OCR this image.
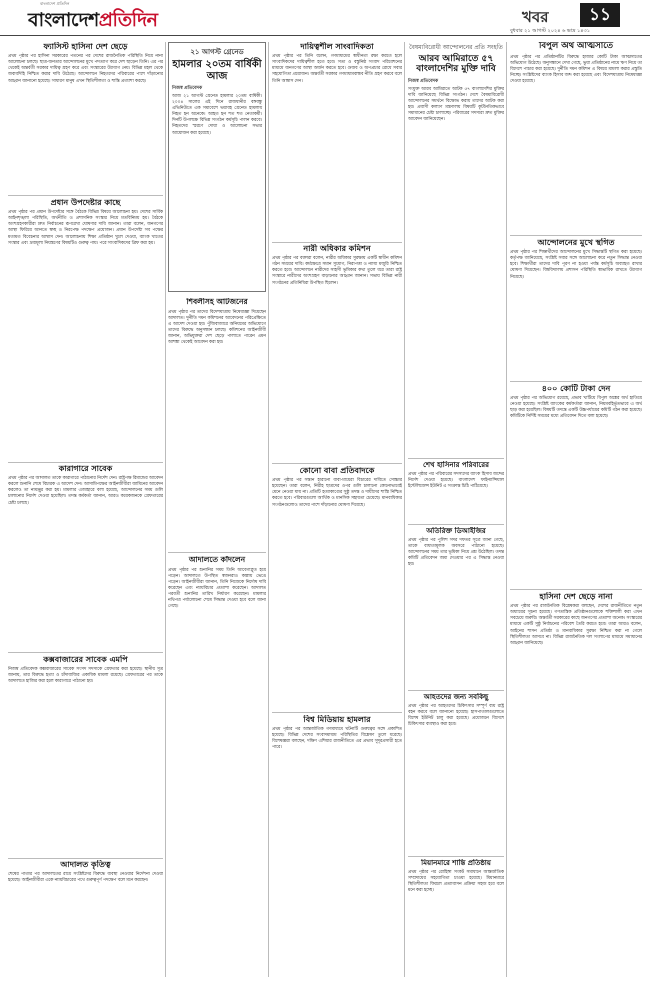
বাংলাদেশ প্রতিদিন
বাংলাদেশপ্রতিদিন	খবর	১১
বুধবার ২১ আগস্ট ২০২৪ ৬ ভাদ্র ১৪৩১
ফ্যাসিস্ট হাসিনা দেশ ছেড়ে
প্রথম পৃষ্ঠার পর হাসিনা সরকারের পতনের পর দেশের রাজনৈতিক পরিস্থিতি নিয়ে নানা আলোচনা চলছে। ছাত্র-জনতার আন্দোলনের মুখে পদত্যাগ করে দেশ ছাড়েন তিনি। এর পর থেকেই অন্তর্বর্তী সরকার দায়িত্ব গ্রহণ করে এবং সংস্কারের উদ্যোগ নেয়। বিভিন্ন মহল থেকে জবাবদিহি নিশ্চিত করার দাবি উঠেছে। আন্দোলনে নিহতদের পরিবারের পাশে দাঁড়ানোর আহ্বান জানানো হয়েছে। সাধারণ মানুষ এখন স্থিতিশীলতা ও শান্তি প্রত্যাশা করছে।
প্রধান উপদেষ্টার কাছে
প্রথম পৃষ্ঠার পর প্রধান উপদেষ্টার সঙ্গে বৈঠকে বিভিন্ন বিষয়ে আলোচনা হয়। দেশের সার্বিক আইনশৃঙ্খলা পরিস্থিতি, অর্থনীতি ও প্রশাসনিক সংস্কার নিয়ে মতবিনিময় হয়। বৈঠকে অংশগ্রহণকারীরা দ্রুত নির্বাচনের রূপরেখা ঘোষণার দাবি জানান। তারা বলেন, জনগণের আস্থা ফিরিয়ে আনতে স্বচ্ছ ও নিরপেক্ষ পদক্ষেপ প্রয়োজন। প্রধান উপদেষ্টা সব পক্ষের মতামত বিবেচনার আশ্বাস দেন। আলোচনায় শিক্ষা প্রতিষ্ঠান খুলে দেওয়া, ব্যাংক খাতের সংস্কার এবং দ্রব্যমূল্য নিয়ন্ত্রণের বিষয়টিও গুরুত্ব পায়। পরে সাংবাদিকদের ব্রিফ করা হয়।
কারাগারে সাবেক
প্রথম পৃষ্ঠার পর আদালত তাকে কারাগারে পাঠানোর নির্দেশ দেন। রাষ্ট্রপক্ষ রিমান্ডের আবেদন করলে শুনানি শেষে বিচারক এ আদেশ দেন। আসামিপক্ষের আইনজীবীরা জামিনের আবেদন করলেও তা নামঞ্জুর করা হয়। মামলার এজাহারে বলা হয়েছে, আন্দোলনের সময় গুলি চালানোর নির্দেশ দেওয়া হয়েছিল। তদন্ত কর্মকর্তা জানান, আরও কয়েকজনকে গ্রেফতারের চেষ্টা চলছে।
কক্সবাজারের সাবেক এমপি
নিজস্ব প্রতিবেদক কক্সবাজারের সাবেক সংসদ সদস্যকে গ্রেফতার করা হয়েছে। স্থানীয় সূত্র জানায়, তার বিরুদ্ধে হত্যা ও চাঁদাবাজির একাধিক মামলা রয়েছে। গ্রেফতারের পর তাকে আদালতে হাজির করা হলে কারাগারে পাঠানো হয়।
আদালত কৃতিত্ব
শেষের পাতার পর আদালতের রায়ে সংশ্লিষ্টদের বিরুদ্ধে ব্যবস্থা নেওয়ার নির্দেশনা দেওয়া হয়েছে। আইনজীবীরা একে ন্যায়বিচারের পথে গুরুত্বপূর্ণ পদক্ষেপ বলে মনে করছেন।
২১ আগস্ট গ্রেনেড
হামলার ২০তম বার্ষিকী আজ
নিজস্ব প্রতিবেদক
আজ ২১ আগস্ট গ্রেনেড হামলার ২০তম বার্ষিকী। ২০০৪ সালের এই দিনে রাজধানীর বঙ্গবন্ধু এভিনিউতে এক সমাবেশে ভয়াবহ গ্রেনেড হামলায় নিহত হন অনেকে। আহত হন শত শত নেতাকর্মী। দিনটি উপলক্ষে বিভিন্ন সংগঠন কর্মসূচি পালন করবে। নিহতদের স্মরণে দোয়া ও আলোচনা সভার আয়োজন করা হয়েছে।
শিবলীসহ আটজনের
প্রথম পৃষ্ঠার পর তাদের বিদেশযাত্রায় নিষেধাজ্ঞা দিয়েছেন আদালত। দুর্নীতি দমন কমিশনের আবেদনের পরিপ্রেক্ষিতে এ আদেশ দেওয়া হয়। পুঁজিবাজারে অনিয়মের অভিযোগে তাদের বিরুদ্ধে অনুসন্ধান চলছে। কমিশনের আইনজীবী জানান, অভিযুক্তরা দেশ ছেড়ে পালাতে পারেন এমন আশঙ্কা থেকেই আবেদন করা হয়।
আদালতে কাঁদলেন
প্রথম পৃষ্ঠার পর শুনানির সময় তিনি আবেগাপ্লুত হয়ে পড়েন। আদালতে উপস্থিত স্বজনরাও কান্নায় ভেঙে পড়েন। আইনজীবীরা জানান, তিনি নিজেকে নির্দোষ দাবি করেছেন এবং ন্যায়বিচার প্রত্যাশা করেছেন। আদালত পরবর্তী শুনানির তারিখ নির্ধারণ করেছেন। মামলার নথিপত্র পর্যালোচনা শেষে সিদ্ধান্ত দেওয়া হবে বলে জানা গেছে।
দায়িত্বশীল সাংবাদিকতা
প্রথম পৃষ্ঠার পর তিনি বলেন, গণমাধ্যমের স্বাধীনতা রক্ষা করতে হলে সাংবাদিকদের দায়িত্বশীল হতে হবে। সত্য ও বস্তুনিষ্ঠ সংবাদ পরিবেশনের মাধ্যমে জনগণের আস্থা অর্জন করতে হবে। গুজব ও অপপ্রচার রোধে সবার সহযোগিতা প্রয়োজন। অন্তর্বর্তী সরকার গণমাধ্যমবান্ধব নীতি গ্রহণ করবে বলে তিনি আশ্বাস দেন।
নারী অধিকার কমিশন
প্রথম পৃষ্ঠার পর বক্তারা বলেন, নারীর অধিকার সুরক্ষায় একটি স্বাধীন কমিশন গঠন সময়ের দাবি। কর্মক্ষেত্রে সমান সুযোগ, নিরাপত্তা ও ন্যায্য মজুরি নিশ্চিত করতে হবে। আন্দোলনে নারীদের সাহসী ভূমিকার কথা তুলে ধরে তারা রাষ্ট্র সংস্কারে নারীদের অংশগ্রহণ বাড়ানোর আহ্বান জানান। সভায় বিভিন্ন নারী সংগঠনের প্রতিনিধিরা উপস্থিত ছিলেন।
কোনো বাবা প্রতিবাদকে
প্রথম পৃষ্ঠার পর সন্তান হারানো বাবা-মায়েরা বিচারের দাবিতে সোচ্চার হয়েছেন। তারা বলেন, নিরীহ ছাত্রদের ওপর গুলি চালানো কোনোভাবেই মেনে নেওয়া যায় না। প্রতিটি হত্যাকাণ্ডের সুষ্ঠু তদন্ত ও দায়ীদের শাস্তি নিশ্চিত করতে হবে। পরিবারগুলো আর্থিক ও মানসিক সহায়তা চেয়েছে। মানবাধিকার সংগঠনগুলোও তাদের পাশে দাঁড়ানোর ঘোষণা দিয়েছে।
বিশ্ব মিডিয়ায় হামলার
প্রথম পৃষ্ঠার পর আন্তর্জাতিক গণমাধ্যমে ঘটনাটি গুরুত্বের সঙ্গে প্রকাশিত হয়েছে। বিভিন্ন দেশের সংবাদমাধ্যম পরিস্থিতির বিশ্লেষণ তুলে ধরেছে। বিশেষজ্ঞরা বলছেন, দক্ষিণ এশিয়ার রাজনীতিতে এর প্রভাব সুদূরপ্রসারী হতে পারে।
বৈষম্যবিরোধী আন্দোলনের প্রতি সংহতি
আরব আমিরাতে ৫৭ বাংলাদেশির মুক্তি দাবি
নিজস্ব প্রতিবেদক
সংযুক্ত আরব আমিরাতে আটক ৫৭ বাংলাদেশির মুক্তির দাবি জানিয়েছে বিভিন্ন সংগঠন। দেশে বৈষম্যবিরোধী আন্দোলনের সমর্থনে বিক্ষোভ করায় তাদের আটক করা হয়। প্রবাসী কল্যাণ মন্ত্রণালয় বিষয়টি কূটনৈতিকভাবে সমাধানের চেষ্টা চালাচ্ছে। পরিবারের সদস্যরা দ্রুত মুক্তির আবেদন জানিয়েছেন।
শেখ হাসিনার পরিবারের
প্রথম পৃষ্ঠার পর পরিবারের সদস্যদের ব্যাংক হিসাব জব্দের নির্দেশ দেওয়া হয়েছে। বাংলাদেশ ফাইন্যান্সিয়াল ইন্টেলিজেন্স ইউনিট এ সংক্রান্ত চিঠি পাঠিয়েছে।
অতিরিক্ত ডিআইজির
প্রথম পৃষ্ঠার পর পুলিশ সদর দফতর সূত্রে জানা গেছে, তাকে বাধ্যতামূলক অবসরে পাঠানো হয়েছে। আন্দোলনের সময় তার ভূমিকা নিয়ে প্রশ্ন উঠেছিল। তদন্ত কমিটি প্রতিবেদন জমা দেওয়ার পর এ সিদ্ধান্ত নেওয়া হয়।
আহতদের জন্য সবকিছু
প্রথম পৃষ্ঠার পর আহতদের চিকিৎসার সম্পূর্ণ ব্যয় রাষ্ট্র বহন করবে বলে জানানো হয়েছে। হাসপাতালগুলোতে বিশেষ ইউনিট চালু করা হয়েছে। প্রয়োজনে বিদেশে চিকিৎসার ব্যবস্থাও করা হবে।
মিয়ানমারে শান্তি প্রতিষ্ঠায়
প্রথম পৃষ্ঠার পর রোহিঙ্গা সংকট সমাধানে আন্তর্জাতিক সম্প্রদায়ের সহযোগিতা চাওয়া হয়েছে। মিয়ানমারে স্থিতিশীলতা ফিরলে প্রত্যাবাসন প্রক্রিয়া সহজ হবে বলে মনে করা হচ্ছে।
বিপুল অর্থ আত্মসাতে
প্রথম পৃষ্ঠার পর প্রতিষ্ঠানটির বিরুদ্ধে হাজার কোটি টাকা আত্মসাতের অভিযোগ উঠেছে। অনুসন্ধানে দেখা গেছে, ভুয়া প্রতিষ্ঠানের নামে ঋণ নিয়ে তা বিদেশে পাচার করা হয়েছে। দুর্নীতি দমন কমিশন এ বিষয়ে মামলা করার প্রস্তুতি নিচ্ছে। সংশ্লিষ্টদের ব্যাংক হিসাব জব্দ করা হয়েছে এবং বিদেশযাত্রায় নিষেধাজ্ঞা দেওয়া হয়েছে।
আন্দোলনের মুখে স্থগিত
প্রথম পৃষ্ঠার পর শিক্ষার্থীদের আন্দোলনের মুখে সিদ্ধান্তটি স্থগিত করা হয়েছে। কর্তৃপক্ষ জানিয়েছে, সংশ্লিষ্ট সবার সঙ্গে আলোচনা করে নতুন সিদ্ধান্ত নেওয়া হবে। শিক্ষার্থীরা তাদের দাবি পূরণ না হওয়া পর্যন্ত কর্মসূচি অব্যাহত রাখার ঘোষণা দিয়েছেন। বিশ্ববিদ্যালয় প্রশাসন পরিস্থিতি স্বাভাবিক রাখতে উদ্যোগ নিয়েছে।
৪০০ কোটি টাকা দেন
প্রথম পৃষ্ঠার পর অভিযোগ রয়েছে, প্রভাব খাটিয়ে বিপুল অঙ্কের অর্থ হাতিয়ে নেওয়া হয়েছে। সংশ্লিষ্ট ব্যাংকের কর্মকর্তারা জানান, নিয়মবহির্ভূতভাবে এ অর্থ ছাড় করা হয়েছিল। বিষয়টি তদন্তে একটি উচ্চপর্যায়ের কমিটি গঠন করা হয়েছে। কমিটিকে নির্দিষ্ট সময়ের মধ্যে প্রতিবেদন দিতে বলা হয়েছে।
হাসিনা দেশ ছেড়ে নানা
প্রথম পৃষ্ঠার পর রাজনৈতিক বিশ্লেষকরা বলছেন, দেশের রাজনীতিতে নতুন অধ্যায়ের সূচনা হয়েছে। গণতান্ত্রিক প্রতিষ্ঠানগুলোকে শক্তিশালী করা এখন সবচেয়ে জরুরি। অন্তর্বর্তী সরকারের কাছে জনগণের প্রত্যাশা অনেক। সংস্কারের মাধ্যমে একটি সুষ্ঠু নির্বাচনের পরিবেশ তৈরি করতে হবে। তারা আরও বলেন, আইনের শাসন প্রতিষ্ঠা ও মানবাধিকার সুরক্ষা নিশ্চিত করা না গেলে স্থিতিশীলতা আসবে না। বিভিন্ন রাজনৈতিক দল সংলাপের মাধ্যমে সমাধানের আহ্বান জানিয়েছে।
